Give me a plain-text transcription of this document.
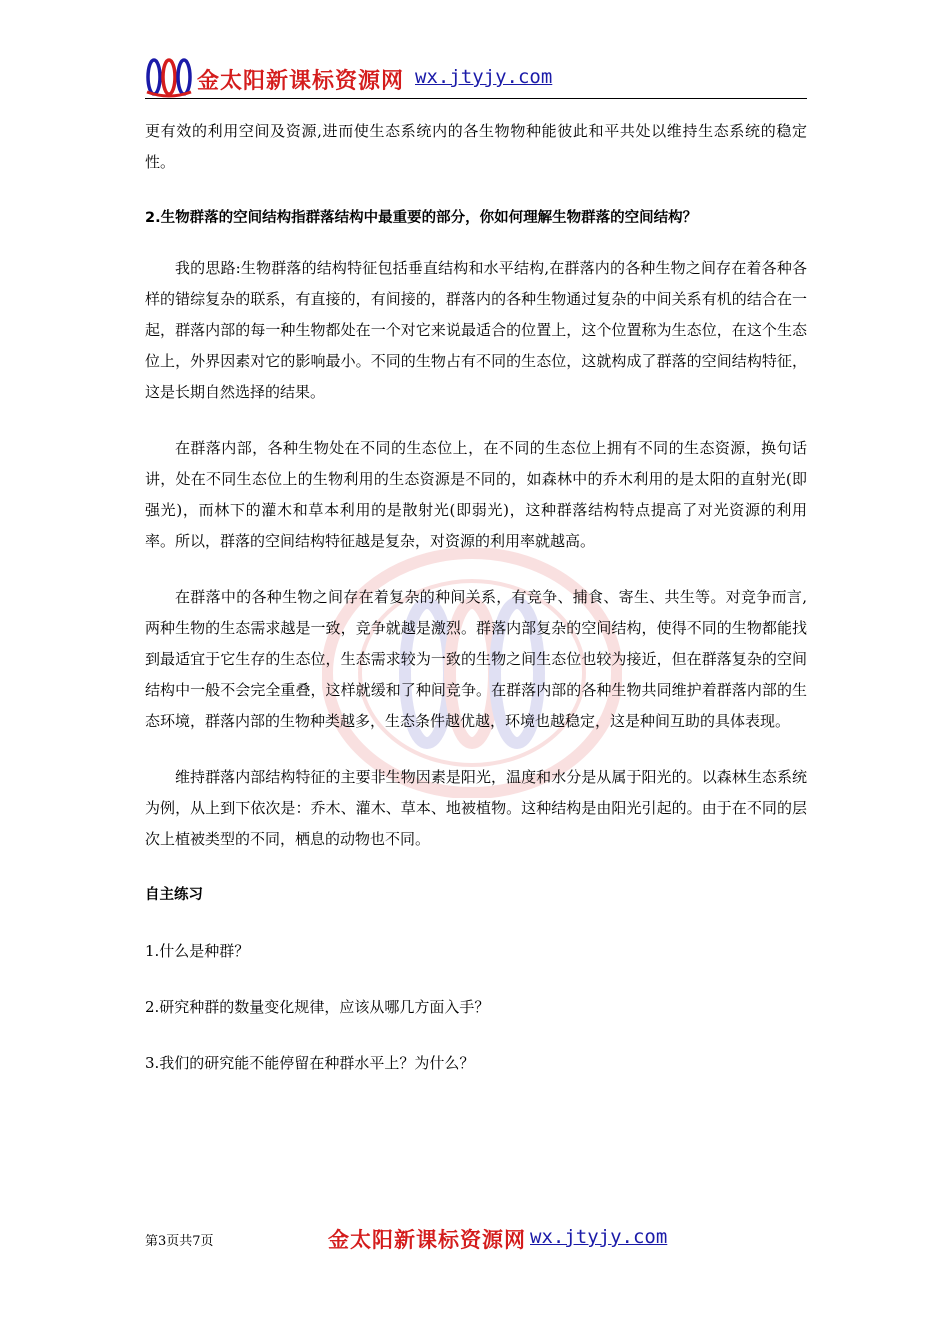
金太阳新课标资源网 wx.jtyjy.com

更有效的利用空间及资源,进而使生态系统内的各生物物种能彼此和平共处以维持生态系统的稳定性。

2.生物群落的空间结构指群落结构中最重要的部分，你如何理解生物群落的空间结构？

我的思路:生物群落的结构特征包括垂直结构和水平结构,在群落内的各种生物之间存在着各种各样的错综复杂的联系，有直接的，有间接的，群落内的各种生物通过复杂的中间关系有机的结合在一起，群落内部的每一种生物都处在一个对它来说最适合的位置上，这个位置称为生态位，在这个生态位上，外界因素对它的影响最小。不同的生物占有不同的生态位，这就构成了群落的空间结构特征，这是长期自然选择的结果。

在群落内部，各种生物处在不同的生态位上，在不同的生态位上拥有不同的生态资源，换句话讲，处在不同生态位上的生物利用的生态资源是不同的，如森林中的乔木利用的是太阳的直射光(即强光)，而林下的灌木和草本利用的是散射光(即弱光)，这种群落结构特点提高了对光资源的利用率。所以，群落的空间结构特征越是复杂，对资源的利用率就越高。

在群落中的各种生物之间存在着复杂的种间关系，有竞争、捕食、寄生、共生等。对竞争而言,两种生物的生态需求越是一致，竞争就越是激烈。群落内部复杂的空间结构，使得不同的生物都能找到最适宜于它生存的生态位，生态需求较为一致的生物之间生态位也较为接近，但在群落复杂的空间结构中一般不会完全重叠，这样就缓和了种间竞争。在群落内部的各种生物共同维护着群落内部的生态环境，群落内部的生物种类越多，生态条件越优越，环境也越稳定，这是种间互助的具体表现。

维持群落内部结构特征的主要非生物因素是阳光，温度和水分是从属于阳光的。以森林生态系统为例，从上到下依次是：乔木、灌木、草本、地被植物。这种结构是由阳光引起的。由于在不同的层次上植被类型的不同，栖息的动物也不同。

自主练习

1.什么是种群？

2.研究种群的数量变化规律，应该从哪几方面入手？

3.我们的研究能不能停留在种群水平上？为什么？

第3页共7页	金太阳新课标资源网 wx.jtyjy.com
